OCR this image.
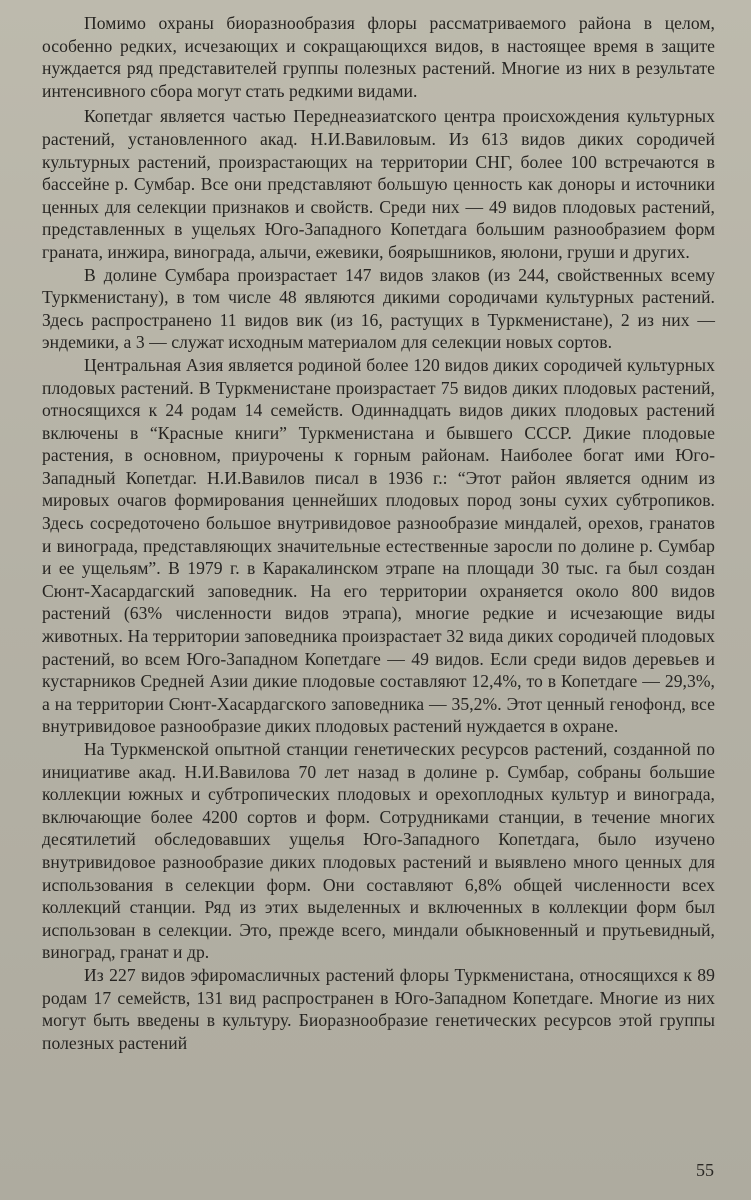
Помимо охраны биоразнообразия флоры рассматриваемого района в целом, особенно редких, исчезающих и сокращающихся видов, в настоящее время в защите нуждается ряд представителей группы полезных растений. Многие из них в результате интенсивного сбора могут стать редкими видами.

Копетдаг является частью Переднеазиатского центра происхождения культурных растений, установленного акад. Н.И.Вавиловым. Из 613 видов диких сородичей культурных растений, произрастающих на территории СНГ, более 100 встречаются в бассейне р. Сумбар. Все они представляют большую ценность как доноры и источники ценных для селекции признаков и свойств. Среди них — 49 видов плодовых растений, представленных в ущельях Юго-Западного Копетдага большим разнообразием форм граната, инжира, винограда, алычи, ежевики, боярышников, яюлони, груши и других.

В долине Сумбара произрастает 147 видов злаков (из 244, свойственных всему Туркменистану), в том числе 48 являются дикими сородичами культурных растений. Здесь распространено 11 видов вик (из 16, растущих в Туркменистане), 2 из них — эндемики, а 3 — служат исходным материалом для селекции новых сортов.

Центральная Азия является родиной более 120 видов диких сородичей культурных плодовых растений. В Туркменистане произрастает 75 видов диких плодовых растений, относящихся к 24 родам 14 семейств. Одиннадцать видов диких плодовых растений включены в “Красные книги” Туркменистана и бывшего СССР. Дикие плодовые растения, в основном, приурочены к горным районам. Наиболее богат ими Юго-Западный Копетдаг. Н.И.Вавилов писал в 1936 г.: “Этот район является одним из мировых очагов формирования ценнейших плодовых пород зоны сухих субтропиков. Здесь сосредоточено большое внутривидовое разнообразие миндалей, орехов, гранатов и винограда, представляющих значительные естественные заросли по долине р. Сумбар и ее ущельям”. В 1979 г. в Каракалинском этрапе на площади 30 тыс. га был создан Сюнт-Хасардагский заповедник. На его территории охраняется около 800 видов растений (63% численности видов этрапа), многие редкие и исчезающие виды животных. На территории заповедника произрастает 32 вида диких сородичей плодовых растений, во всем Юго-Западном Копетдаге — 49 видов. Если среди видов деревьев и кустарников Средней Азии дикие плодовые составляют 12,4%, то в Копетдаге — 29,3%, а на территории Сюнт-Хасардагского заповедника — 35,2%. Этот ценный генофонд, все внутривидовое разнообразие диких плодовых растений нуждается в охране.

На Туркменской опытной станции генетических ресурсов растений, созданной по инициативе акад. Н.И.Вавилова 70 лет назад в долине р. Сумбар, собраны большие коллекции южных и субтропических плодовых и орехоплодных культур и винограда, включающие более 4200 сортов и форм. Сотрудниками станции, в течение многих десятилетий обследовавших ущелья Юго-Западного Копетдага, было изучено внутривидовое разнообразие диких плодовых растений и выявлено много ценных для использования в селекции форм. Они составляют 6,8% общей численности всех коллекций станции. Ряд из этих выделенных и включенных в коллекции форм был использован в селекции. Это, прежде всего, миндали обыкновенный и прутьевидный, виноград, гранат и др.

Из 227 видов эфиромасличных растений флоры Туркменистана, относящихся к 89 родам 17 семейств, 131 вид распространен в Юго-Западном Копетдаге. Многие из них могут быть введены в культуру. Биоразнообразие генетических ресурсов этой группы полезных растений

55
